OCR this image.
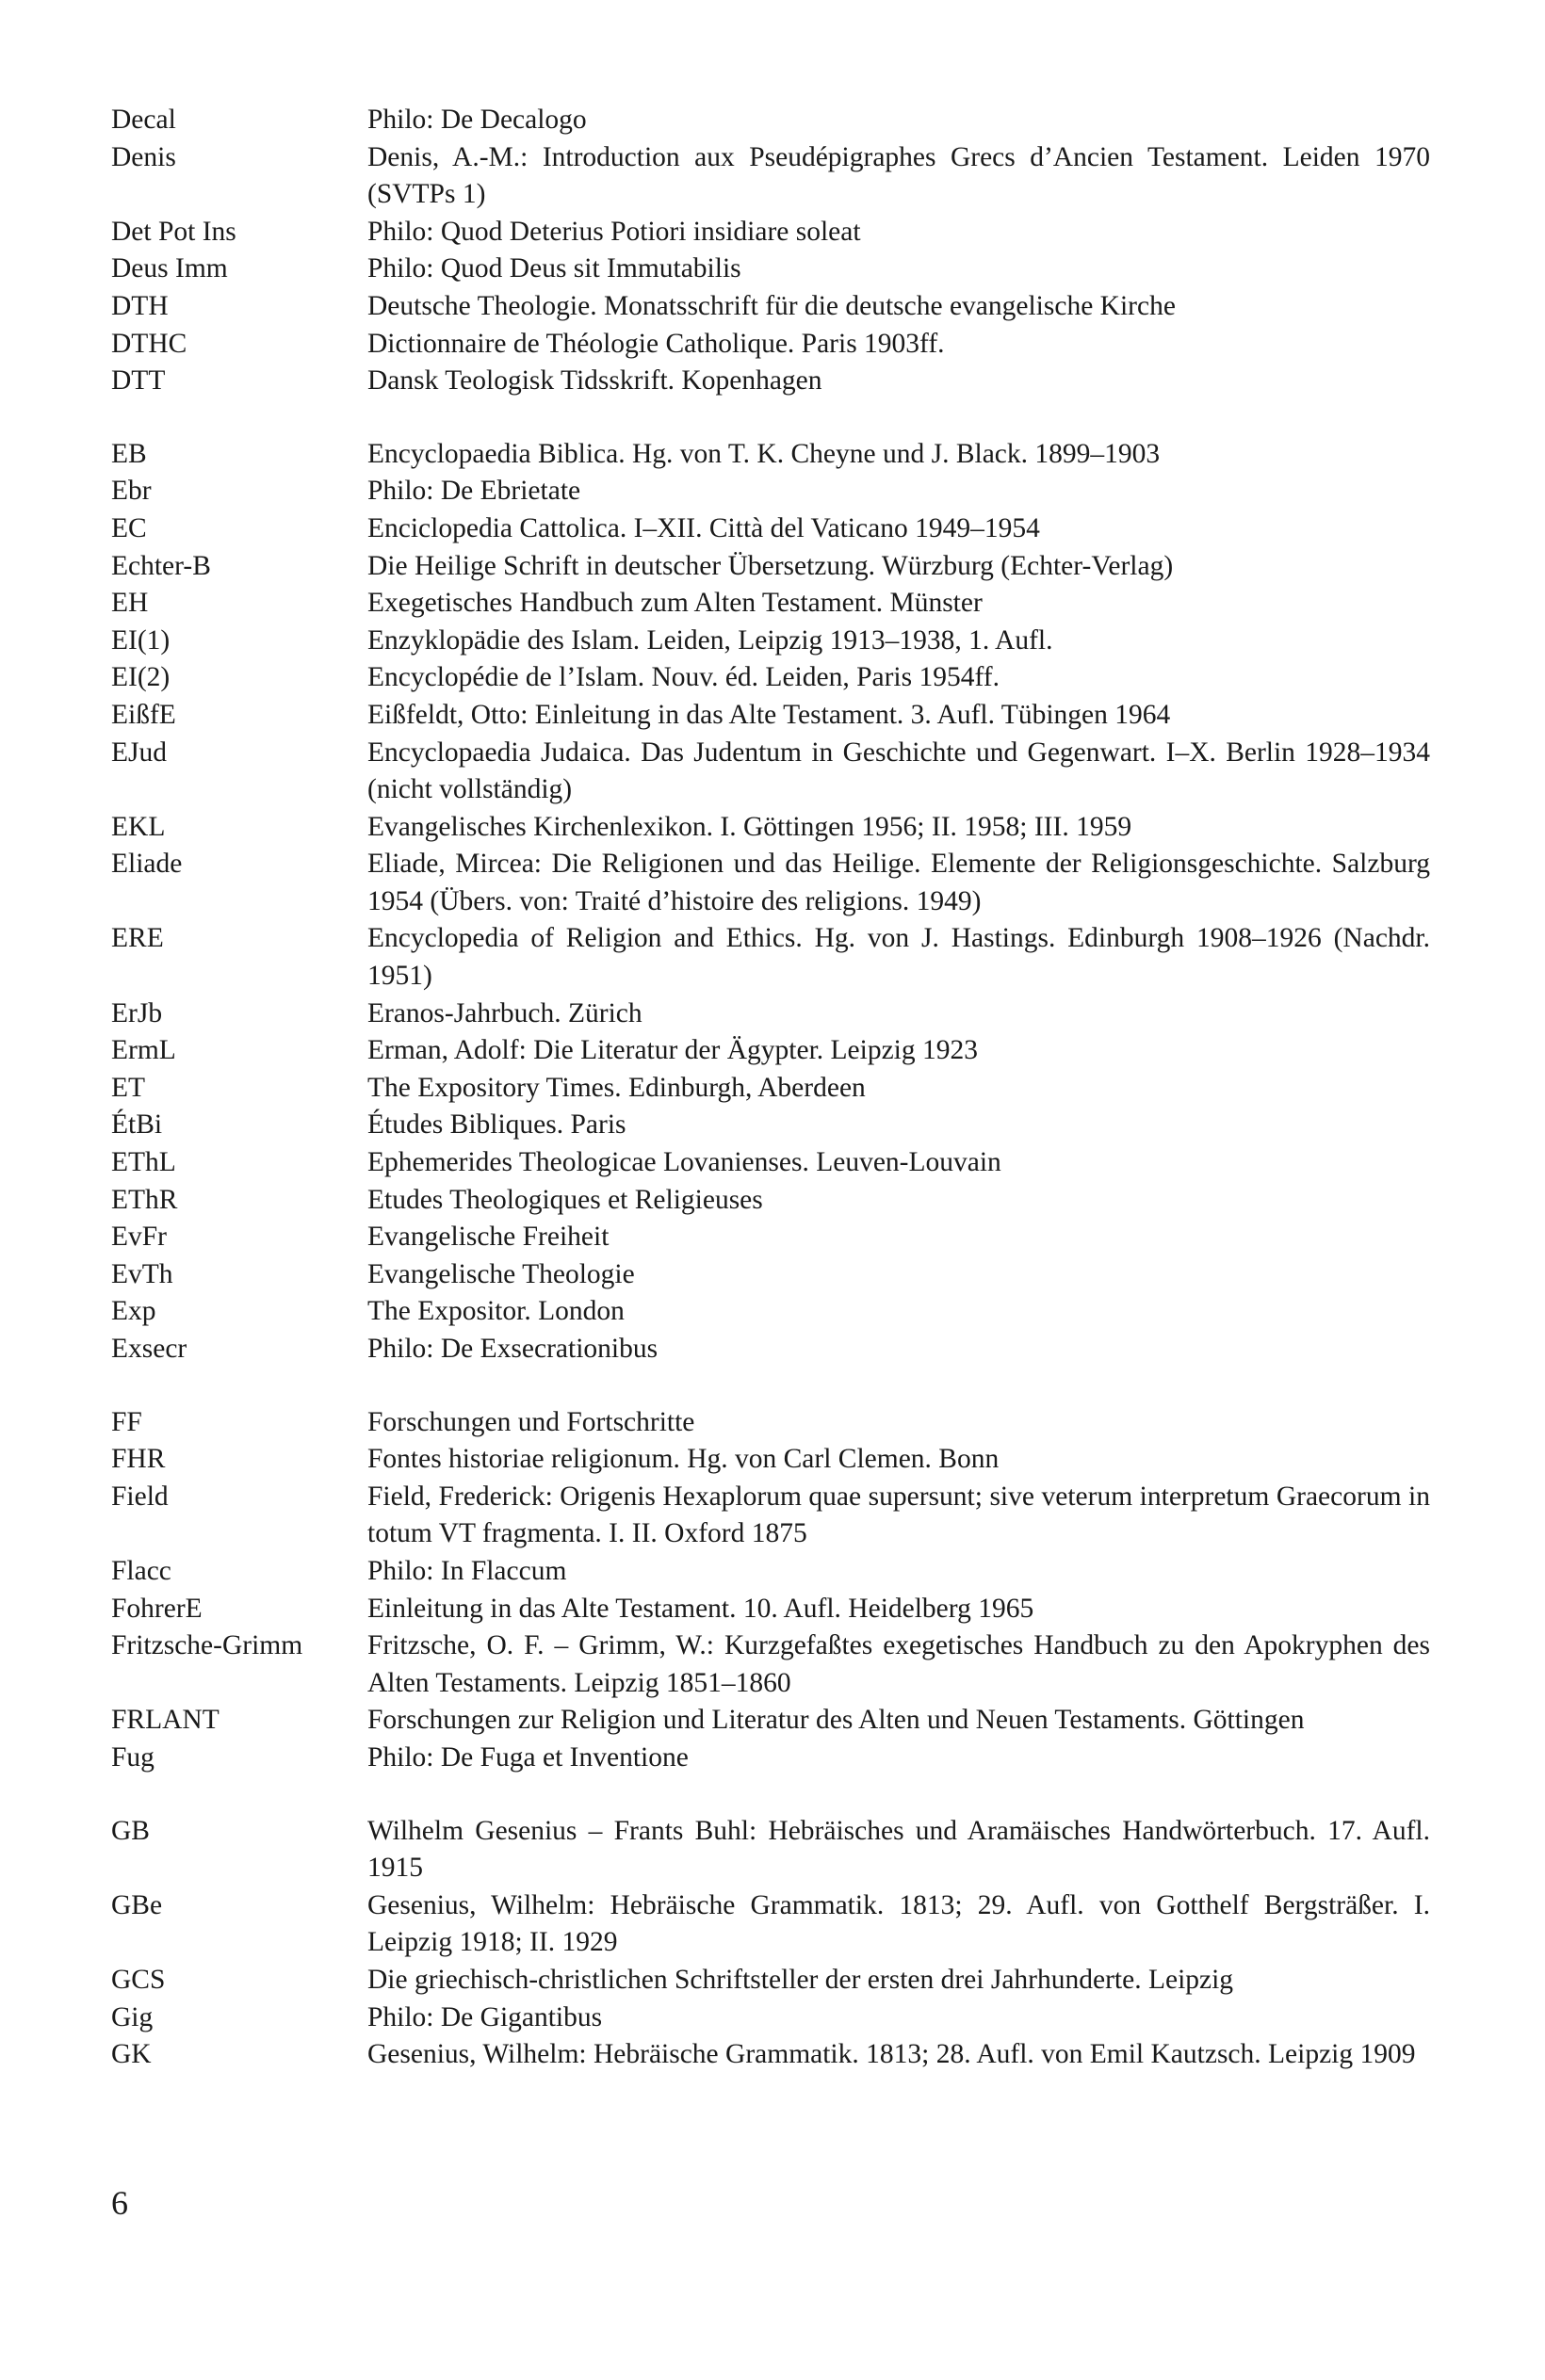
Decal	Philo: De Decalogo
Denis	Denis, A.-M.: Introduction aux Pseudépigraphes Grecs d’Ancien Testament. Leiden 1970 (SVTPs 1)
Det Pot Ins	Philo: Quod Deterius Potiori insidiare soleat
Deus Imm	Philo: Quod Deus sit Immutabilis
DTH	Deutsche Theologie. Monatsschrift für die deutsche evangelische Kirche
DTHC	Dictionnaire de Théologie Catholique. Paris 1903ff.
DTT	Dansk Teologisk Tidsskrift. Kopenhagen
EB	Encyclopaedia Biblica. Hg. von T. K. Cheyne und J. Black. 1899–1903
Ebr	Philo: De Ebrietate
EC	Enciclopedia Cattolica. I–XII. Città del Vaticano 1949–1954
Echter-B	Die Heilige Schrift in deutscher Übersetzung. Würzburg (Echter-Verlag)
EH	Exegetisches Handbuch zum Alten Testament. Münster
EI(1)	Enzyklopädie des Islam. Leiden, Leipzig 1913–1938, 1. Aufl.
EI(2)	Encyclopédie de l’Islam. Nouv. éd. Leiden, Paris 1954ff.
EißfE	Eißfeldt, Otto: Einleitung in das Alte Testament. 3. Aufl. Tübingen 1964
EJud	Encyclopaedia Judaica. Das Judentum in Geschichte und Gegenwart. I–X. Berlin 1928–1934 (nicht vollständig)
EKL	Evangelisches Kirchenlexikon. I. Göttingen 1956; II. 1958; III. 1959
Eliade	Eliade, Mircea: Die Religionen und das Heilige. Elemente der Religionsgeschichte. Salzburg 1954 (Übers. von: Traité d’histoire des religions. 1949)
ERE	Encyclopedia of Religion and Ethics. Hg. von J. Hastings. Edinburgh 1908–1926 (Nachdr. 1951)
ErJb	Eranos-Jahrbuch. Zürich
ErmL	Erman, Adolf: Die Literatur der Ägypter. Leipzig 1923
ET	The Expository Times. Edinburgh, Aberdeen
ÉtBi	Études Bibliques. Paris
EThL	Ephemerides Theologicae Lovanienses. Leuven-Louvain
EThR	Etudes Theologiques et Religieuses
EvFr	Evangelische Freiheit
EvTh	Evangelische Theologie
Exp	The Expositor. London
Exsecr	Philo: De Exsecrationibus
FF	Forschungen und Fortschritte
FHR	Fontes historiae religionum. Hg. von Carl Clemen. Bonn
Field	Field, Frederick: Origenis Hexaplorum quae supersunt; sive veterum interpretum Graecorum in totum VT fragmenta. I. II. Oxford 1875
Flacc	Philo: In Flaccum
FohrerE	Einleitung in das Alte Testament. 10. Aufl. Heidelberg 1965
Fritzsche-Grimm	Fritzsche, O. F. – Grimm, W.: Kurzgefaßtes exegetisches Handbuch zu den Apokryphen des Alten Testaments. Leipzig 1851–1860
FRLANT	Forschungen zur Religion und Literatur des Alten und Neuen Testaments. Göttingen
Fug	Philo: De Fuga et Inventione
GB	Wilhelm Gesenius – Frants Buhl: Hebräisches und Aramäisches Handwörterbuch. 17. Aufl. 1915
GBe	Gesenius, Wilhelm: Hebräische Grammatik. 1813; 29. Aufl. von Gotthelf Bergsträßer. I. Leipzig 1918; II. 1929
GCS	Die griechisch-christlichen Schriftsteller der ersten drei Jahrhunderte. Leipzig
Gig	Philo: De Gigantibus
GK	Gesenius, Wilhelm: Hebräische Grammatik. 1813; 28. Aufl. von Emil Kautzsch. Leipzig 1909
6
